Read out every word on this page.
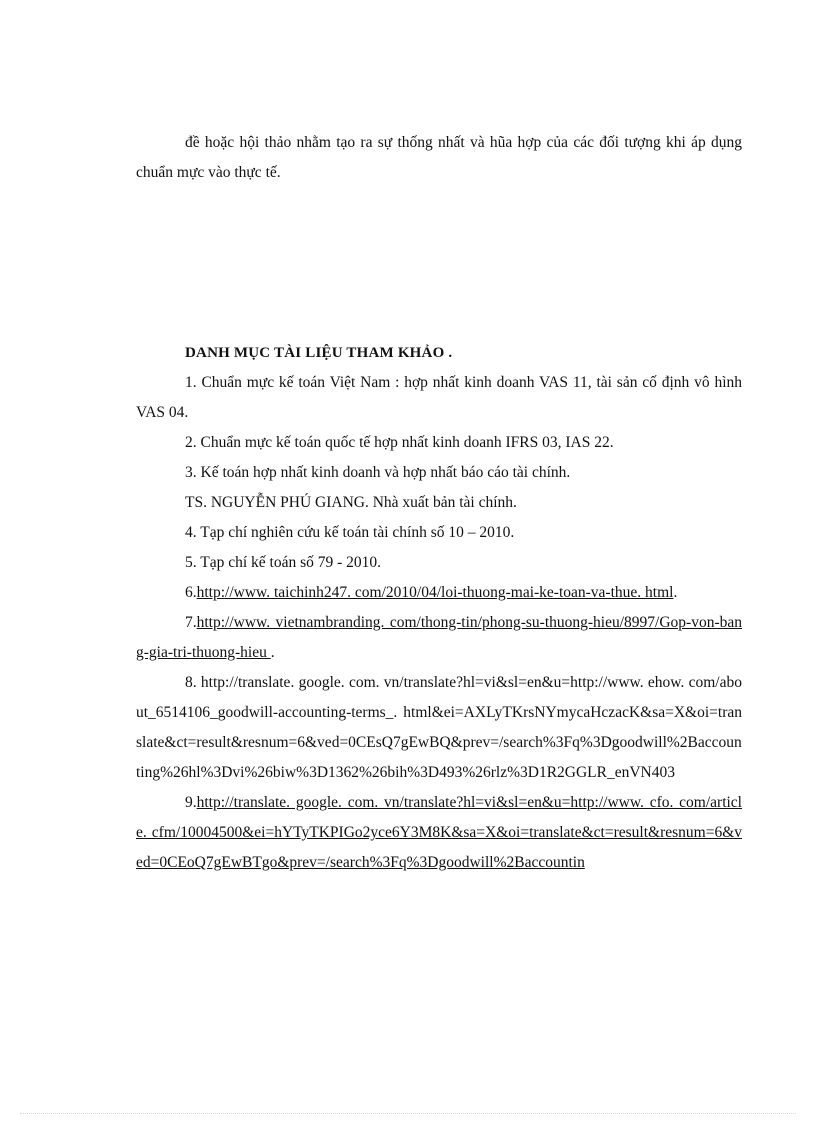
đề hoặc hội thảo nhằm tạo ra sự thống nhất và hũa hợp của các đối tượng khi áp dụng chuẩn mực vào thực tế.

DANH MỤC TÀI LIỆU THAM KHẢO .

1. Chuẩn mực kế toán Việt Nam : hợp nhất kinh doanh VAS 11, tài sản cố định vô hình VAS 04.

2. Chuẩn mực kế toán quốc tế hợp nhất kinh doanh IFRS 03, IAS 22.

3. Kế toán hợp nhất kinh doanh và hợp nhất báo cáo tài chính.

TS. NGUYỄN PHÚ GIANG. Nhà xuất bản tài chính.

4. Tạp chí nghiên cứu kế toán tài chính số 10 – 2010.

5. Tạp chí kế toán số 79 - 2010.

6.http://www. taichinh247. com/2010/04/loi-thuong-mai-ke-toan-va-thue. html.

7.http://www. vietnambranding. com/thong-tin/phong-su-thuong-hieu/8997/Gop-von-bang-gia-tri-thuong-hieu .

8. http://translate. google. com. vn/translate?hl=vi&sl=en&u=http://www. ehow. com/about_6514106_goodwill-accounting-terms_. html&ei=AXLyTKrsNYmycaHczacK&sa=X&oi=translate&ct=result&resnum=6&ved=0CEsQ7gEwBQ&prev=/search%3Fq%3Dgoodwill%2Baccounting%26hl%3Dvi%26biw%3D1362%26bih%3D493%26rlz%3D1R2GGLR_enVN403

9.http://translate. google. com. vn/translate?hl=vi&sl=en&u=http://www. cfo. com/article. cfm/10004500&ei=hYTyTKPIGo2yce6Y3M8K&sa=X&oi=translate&ct=result&resnum=6&ved=0CEoQ7gEwBTgo&prev=/search%3Fq%3Dgoodwill%2Baccountin
